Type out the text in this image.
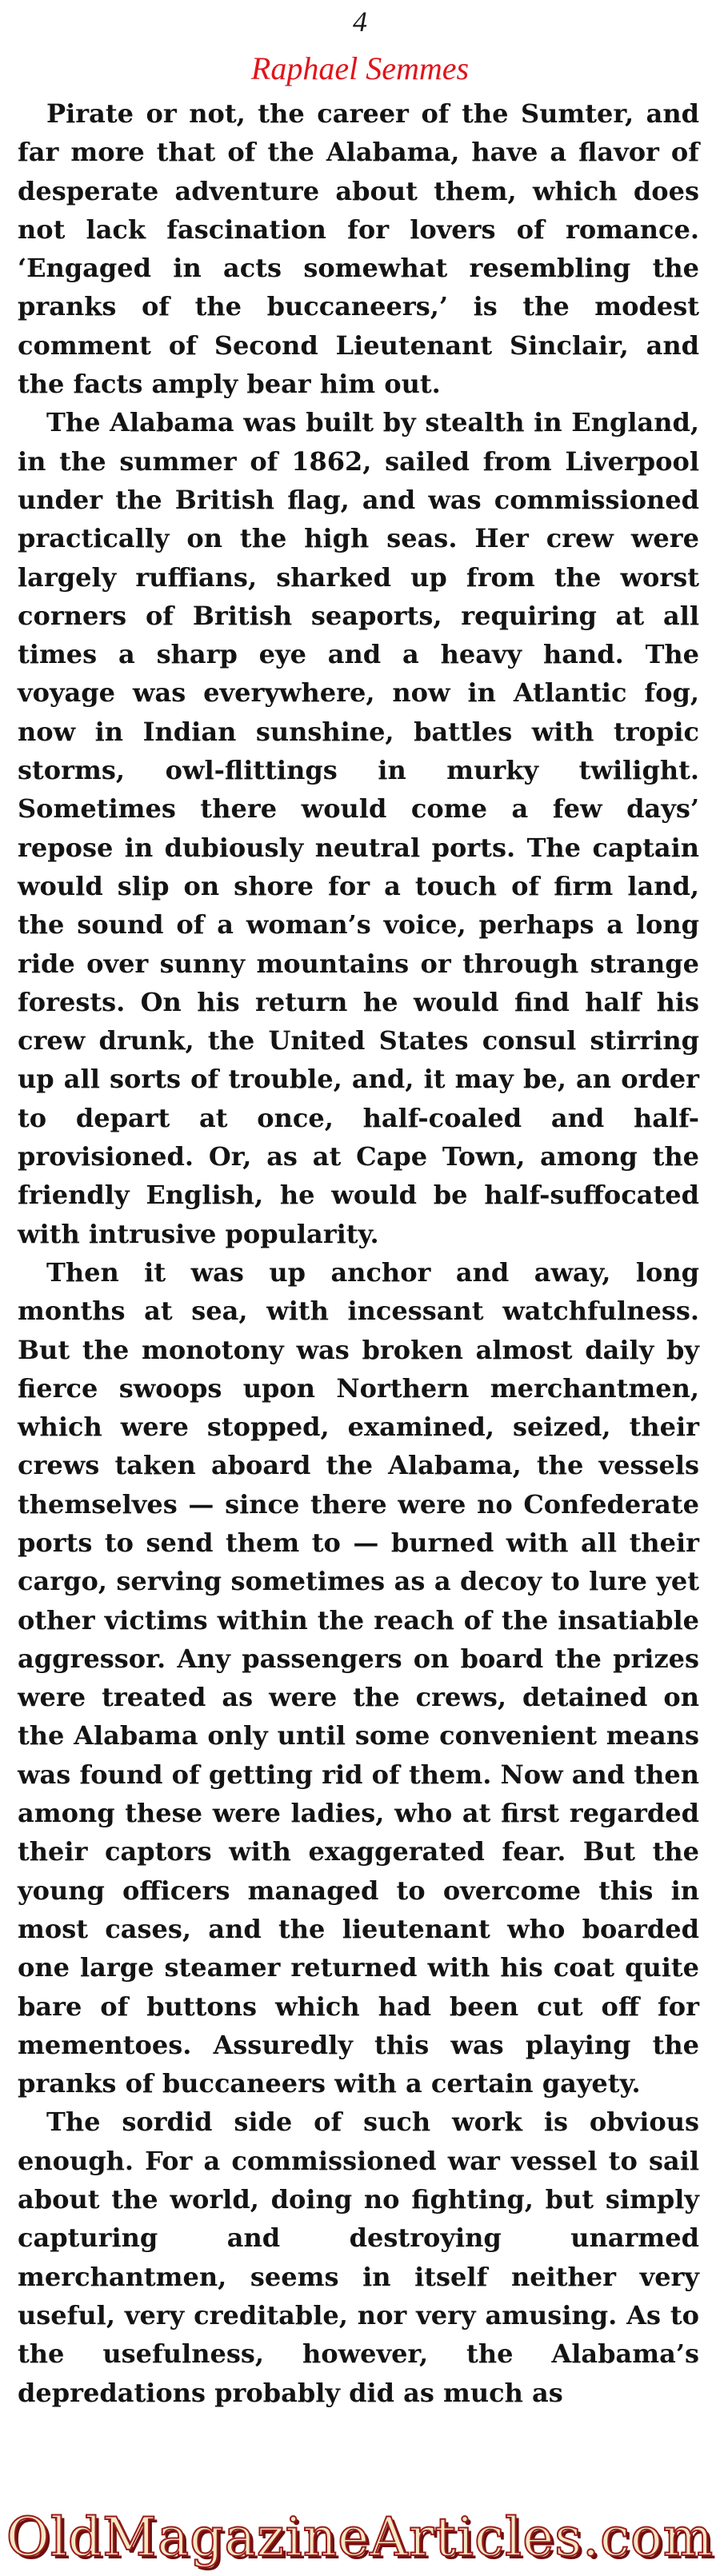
4
Raphael Semmes

Pirate or not, the career of the Sumter, and far more that of the Alabama, have a flavor of desperate adventure about them, which does not lack fascination for lovers of romance. ‘Engaged in acts somewhat resembling the pranks of the buccaneers,’ is the modest comment of Second Lieutenant Sinclair, and the facts amply bear him out.

The Alabama was built by stealth in England, in the summer of 1862, sailed from Liverpool under the British flag, and was commissioned practically on the high seas. Her crew were largely ruffians, sharked up from the worst corners of British seaports, requiring at all times a sharp eye and a heavy hand. The voyage was everywhere, now in Atlantic fog, now in Indian sunshine, battles with tropic storms, owl-flittings in murky twilight. Sometimes there would come a few days’ repose in dubiously neutral ports. The captain would slip on shore for a touch of firm land, the sound of a woman’s voice, perhaps a long ride over sunny mountains or through strange forests. On his return he would find half his crew drunk, the United States consul stirring up all sorts of trouble, and, it may be, an order to depart at once, half-coaled and half-provisioned. Or, as at Cape Town, among the friendly English, he would be half-suffocated with intrusive popularity.

Then it was up anchor and away, long months at sea, with incessant watchfulness. But the monotony was broken almost daily by fierce swoops upon Northern merchantmen, which were stopped, examined, seized, their crews taken aboard the Alabama, the vessels themselves — since there were no Confederate ports to send them to — burned with all their cargo, serving sometimes as a decoy to lure yet other victims within the reach of the insatiable aggressor. Any passengers on board the prizes were treated as were the crews, detained on the Alabama only until some convenient means was found of getting rid of them. Now and then among these were ladies, who at first regarded their captors with exaggerated fear. But the young officers managed to overcome this in most cases, and the lieutenant who boarded one large steamer returned with his coat quite bare of buttons which had been cut off for mementoes. Assuredly this was playing the pranks of buccaneers with a certain gayety.

The sordid side of such work is obvious enough. For a commissioned war vessel to sail about the world, doing no fighting, but simply capturing and destroying unarmed merchantmen, seems in itself neither very useful, very creditable, nor very amusing. As to the usefulness, however, the Alabama’s depredations probably did as much as

OldMagazineArticles.com
